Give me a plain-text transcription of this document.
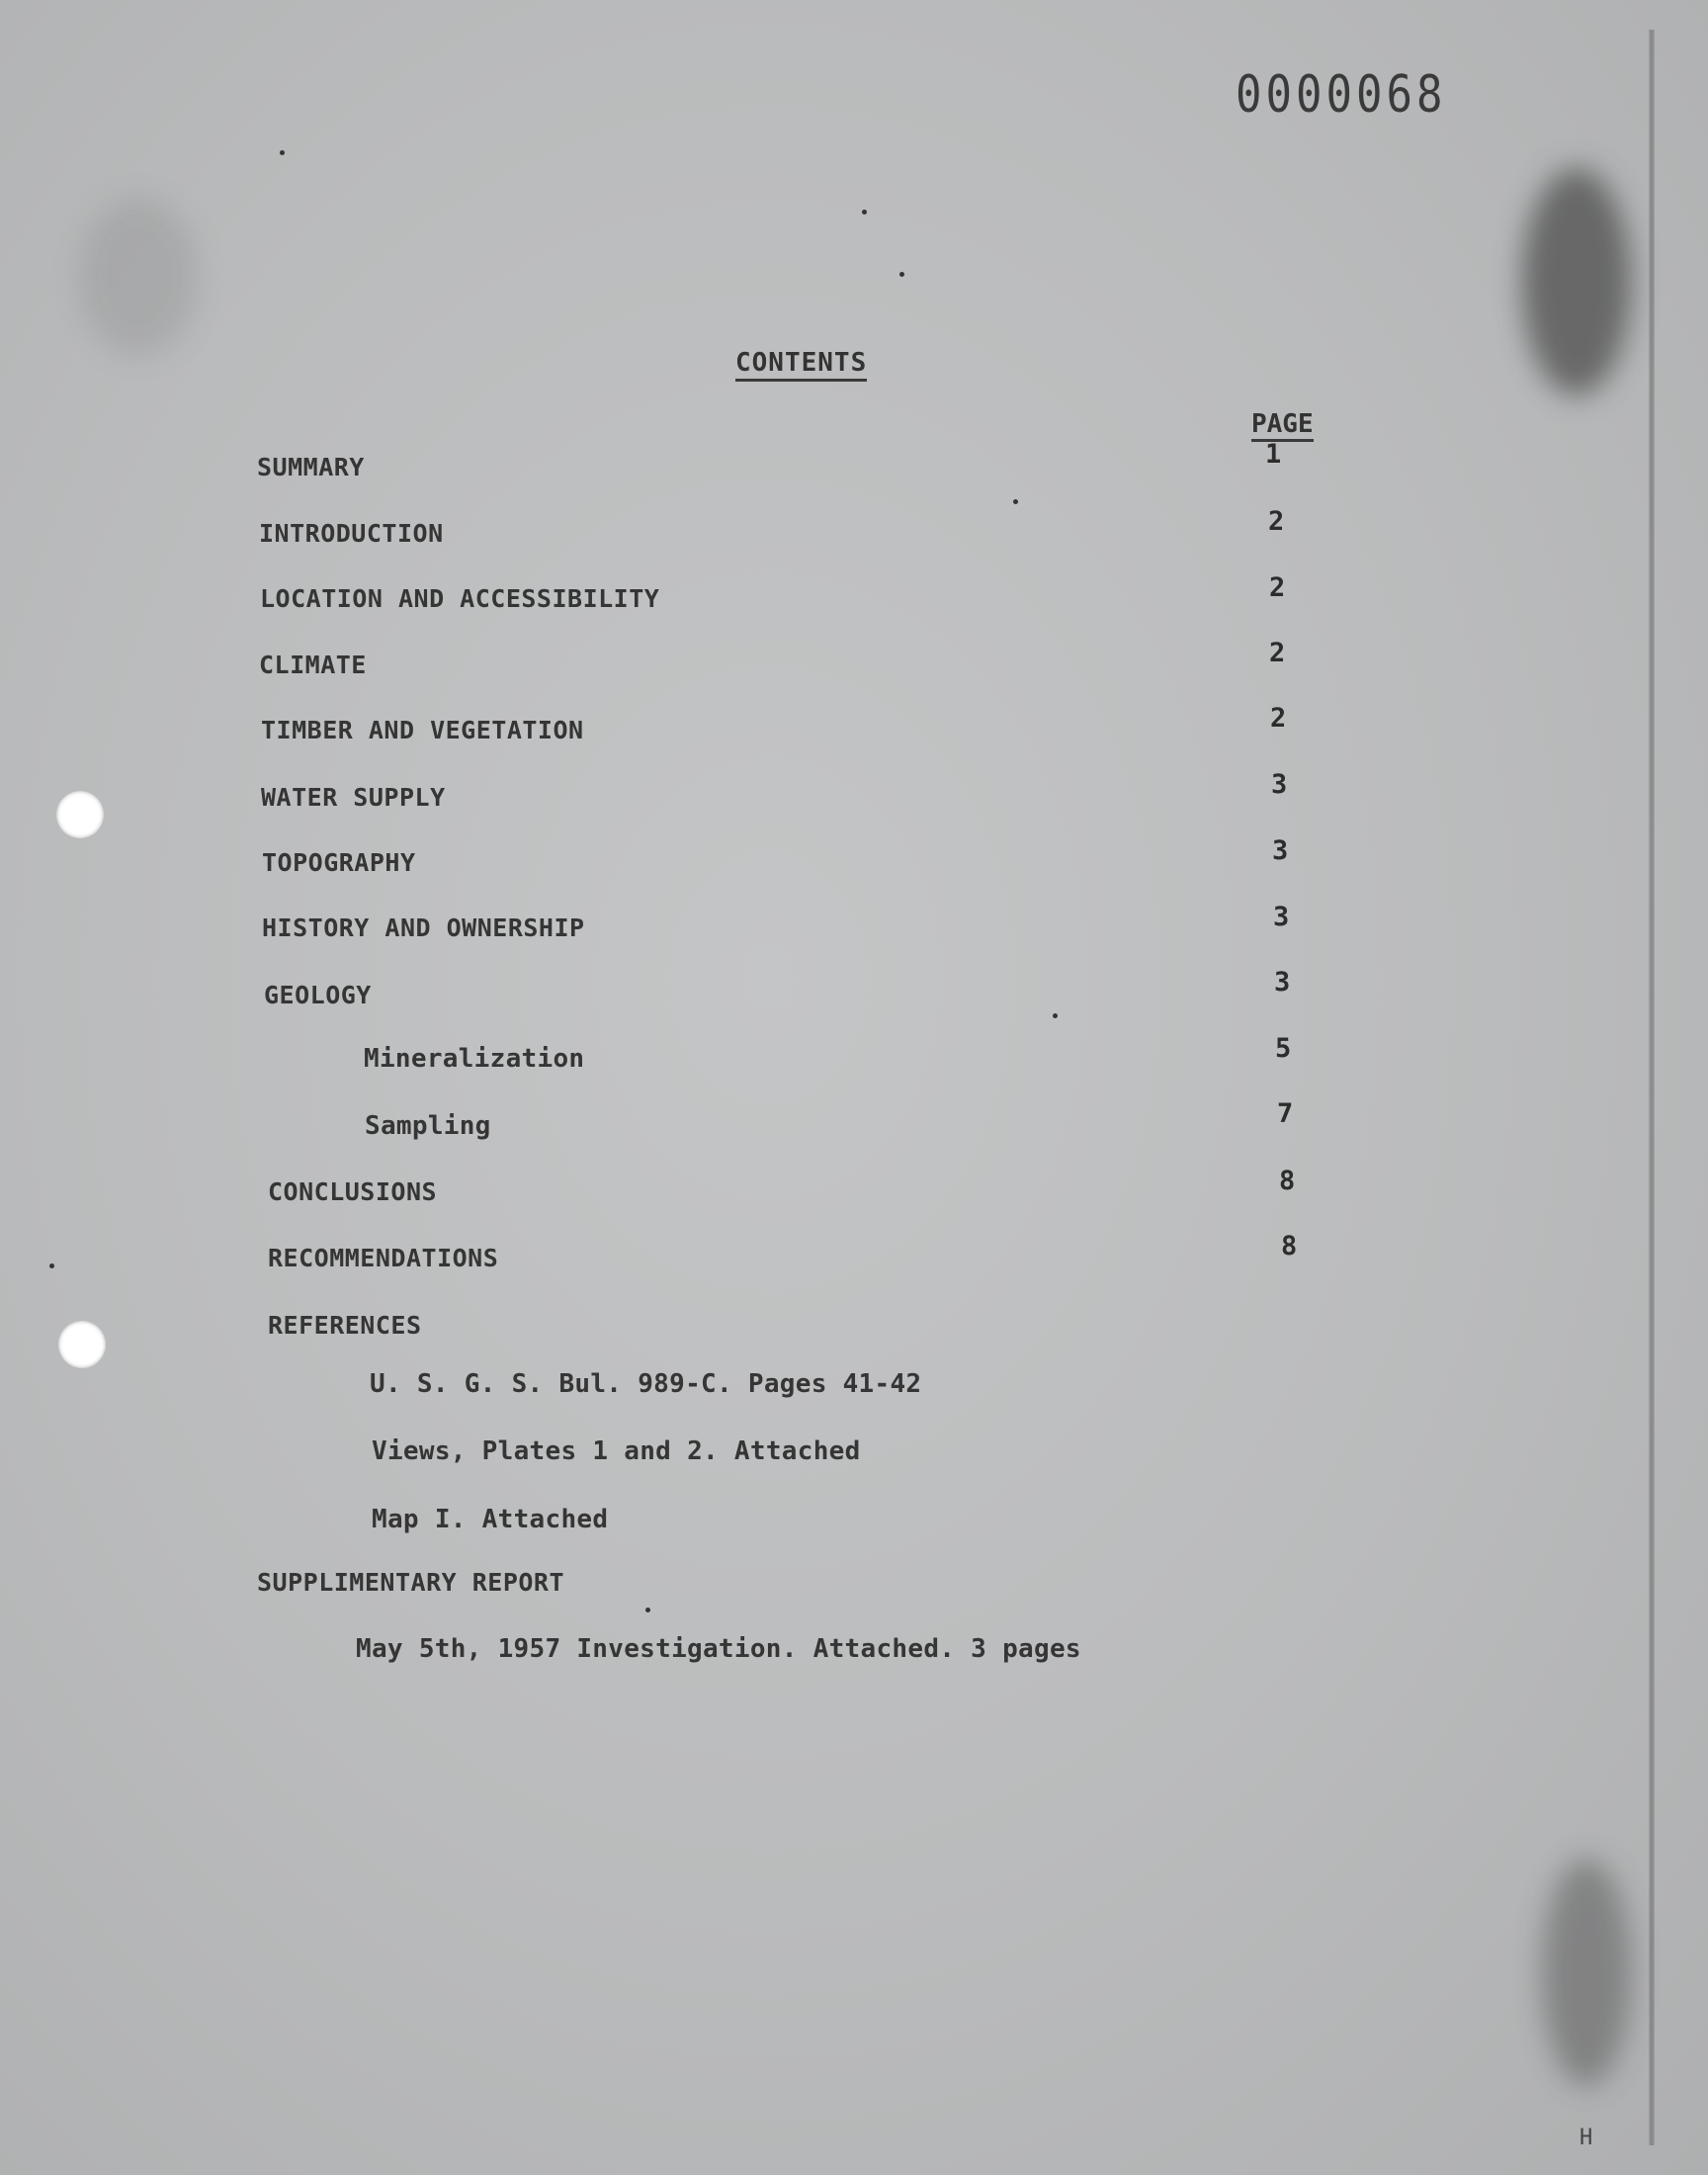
0000068
CONTENTS
PAGE
SUMMARY	1
INTRODUCTION	2
LOCATION AND ACCESSIBILITY	2
CLIMATE	2
TIMBER AND VEGETATION	2
WATER SUPPLY	3
TOPOGRAPHY	3
HISTORY AND OWNERSHIP	3
GEOLOGY	3
Mineralization	5
Sampling	7
CONCLUSIONS	8
RECOMMENDATIONS	8
REFERENCES
U. S. G. S. Bul. 989-C. Pages 41-42
Views, Plates 1 and 2. Attached
Map I. Attached
SUPPLIMENTARY REPORT
May 5th, 1957 Investigation. Attached. 3 pages
H
